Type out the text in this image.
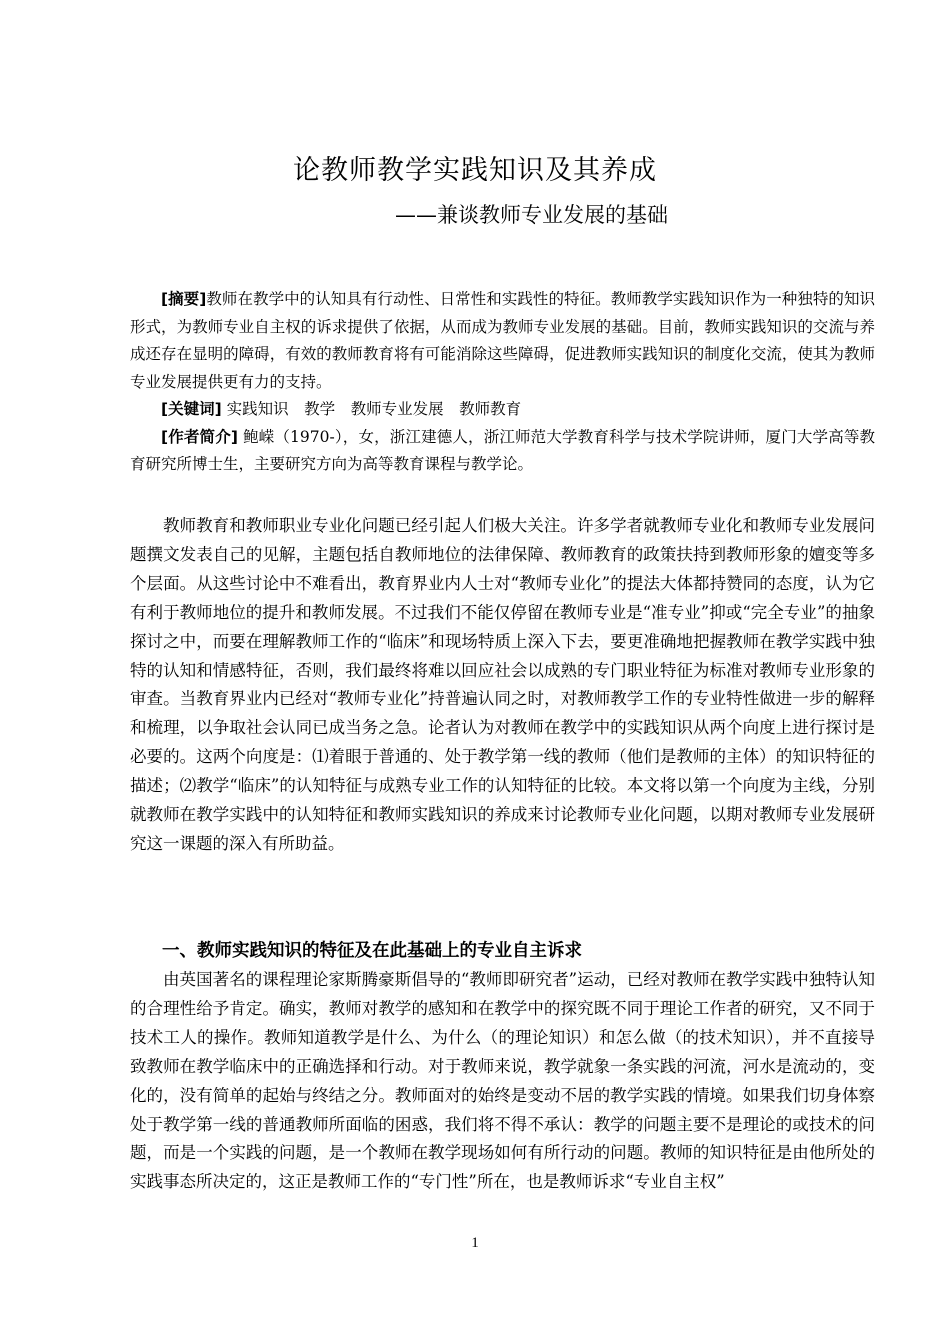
论教师教学实践知识及其养成
——兼谈教师专业发展的基础

[摘要]教师在教学中的认知具有行动性、日常性和实践性的特征。教师教学实践知识作为一种独特的知识形式，为教师专业自主权的诉求提供了依据，从而成为教师专业发展的基础。目前，教师实践知识的交流与养成还存在显明的障碍，有效的教师教育将有可能消除这些障碍，促进教师实践知识的制度化交流，使其为教师专业发展提供更有力的支持。

[关键词] 实践知识　教学　教师专业发展　教师教育

[作者简介] 鲍嵘（1970-），女，浙江建德人，浙江师范大学教育科学与技术学院讲师，厦门大学高等教育研究所博士生，主要研究方向为高等教育课程与教学论。

教师教育和教师职业专业化问题已经引起人们极大关注。许多学者就教师专业化和教师专业发展问题撰文发表自己的见解，主题包括自教师地位的法律保障、教师教育的政策扶持到教师形象的嬗变等多个层面。从这些讨论中不难看出，教育界业内人士对“教师专业化”的提法大体都持赞同的态度，认为它有利于教师地位的提升和教师发展。不过我们不能仅停留在教师专业是“准专业”抑或“完全专业”的抽象探讨之中，而要在理解教师工作的“临床”和现场特质上深入下去，要更准确地把握教师在教学实践中独特的认知和情感特征，否则，我们最终将难以回应社会以成熟的专门职业特征为标准对教师专业形象的审查。当教育界业内已经对“教师专业化”持普遍认同之时，对教师教学工作的专业特性做进一步的解释和梳理，以争取社会认同已成当务之急。论者认为对教师在教学中的实践知识从两个向度上进行探讨是必要的。这两个向度是：⑴着眼于普通的、处于教学第一线的教师（他们是教师的主体）的知识特征的描述；⑵教学“临床”的认知特征与成熟专业工作的认知特征的比较。本文将以第一个向度为主线，分别就教师在教学实践中的认知特征和教师实践知识的养成来讨论教师专业化问题，以期对教师专业发展研究这一课题的深入有所助益。

一、教师实践知识的特征及在此基础上的专业自主诉求

由英国著名的课程理论家斯腾豪斯倡导的“教师即研究者”运动，已经对教师在教学实践中独特认知的合理性给予肯定。确实，教师对教学的感知和在教学中的探究既不同于理论工作者的研究，又不同于技术工人的操作。教师知道教学是什么、为什么（的理论知识）和怎么做（的技术知识），并不直接导致教师在教学临床中的正确选择和行动。对于教师来说，教学就象一条实践的河流，河水是流动的，变化的，没有简单的起始与终结之分。教师面对的始终是变动不居的教学实践的情境。如果我们切身体察处于教学第一线的普通教师所面临的困惑，我们将不得不承认：教学的问题主要不是理论的或技术的问题，而是一个实践的问题，是一个教师在教学现场如何有所行动的问题。教师的知识特征是由他所处的实践事态所决定的，这正是教师工作的“专门性”所在，也是教师诉求“专业自主权”

1
